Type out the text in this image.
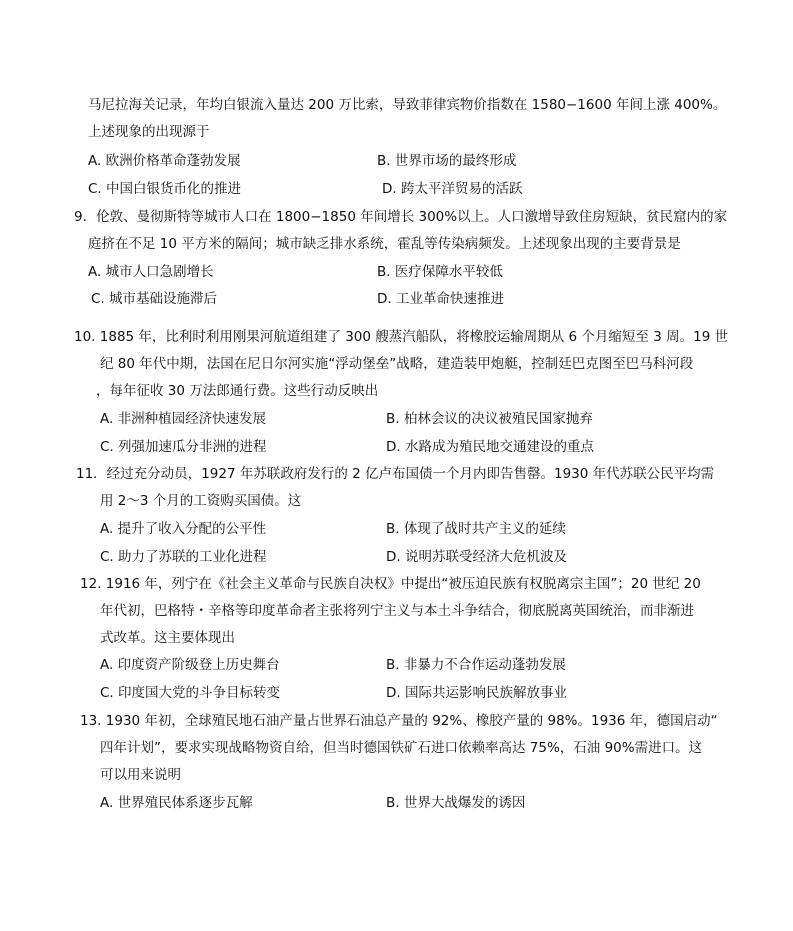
马尼拉海关记录，年均白银流入量达 200 万比索，导致菲律宾物价指数在 1580−1600 年间上涨 400%。
上述现象的出现源于
A. 欧洲价格革命蓬勃发展	B. 世界市场的最终形成
C. 中国白银货币化的推进	D. 跨太平洋贸易的活跃
9．伦敦、曼彻斯特等城市人口在 1800−1850 年间增长 300%以上。人口激增导致住房短缺，贫民窟内的家
庭挤在不足 10 平方米的隔间；城市缺乏排水系统，霍乱等传染病频发。上述现象出现的主要背景是
A. 城市人口急剧增长	B. 医疗保障水平较低
C. 城市基础设施滞后	D. 工业革命快速推进
10. 1885 年，比利时利用刚果河航道组建了 300 艘蒸汽船队，将橡胶运输周期从 6 个月缩短至 3 周。19 世
纪 80 年代中期，法国在尼日尔河实施“浮动堡垒”战略，建造装甲炮艇，控制廷巴克图至巴马科河段
，每年征收 30 万法郎通行费。这些行动反映出
A. 非洲种植园经济快速发展	B. 柏林会议的决议被殖民国家抛弃
C. 列强加速瓜分非洲的进程	D. 水路成为殖民地交通建设的重点
11．经过充分动员，1927 年苏联政府发行的 2 亿卢布国债一个月内即告售罄。1930 年代苏联公民平均需
用 2～3 个月的工资购买国债。这
A. 提升了收入分配的公平性	B. 体现了战时共产主义的延续
C. 助力了苏联的工业化进程	D. 说明苏联受经济大危机波及
12. 1916 年，列宁在《社会主义革命与民族自决权》中提出“被压迫民族有权脱离宗主国”；20 世纪 20
年代初，巴格特・辛格等印度革命者主张将列宁主义与本土斗争结合，彻底脱离英国统治，而非渐进
式改革。这主要体现出
A. 印度资产阶级登上历史舞台	B. 非暴力不合作运动蓬勃发展
C. 印度国大党的斗争目标转变	D. 国际共运影响民族解放事业
13. 1930 年初，全球殖民地石油产量占世界石油总产量的 92%、橡胶产量的 98%。1936 年，德国启动“
四年计划”，要求实现战略物资自给，但当时德国铁矿石进口依赖率高达 75%，石油 90%需进口。这
可以用来说明
A. 世界殖民体系逐步瓦解	B. 世界大战爆发的诱因
